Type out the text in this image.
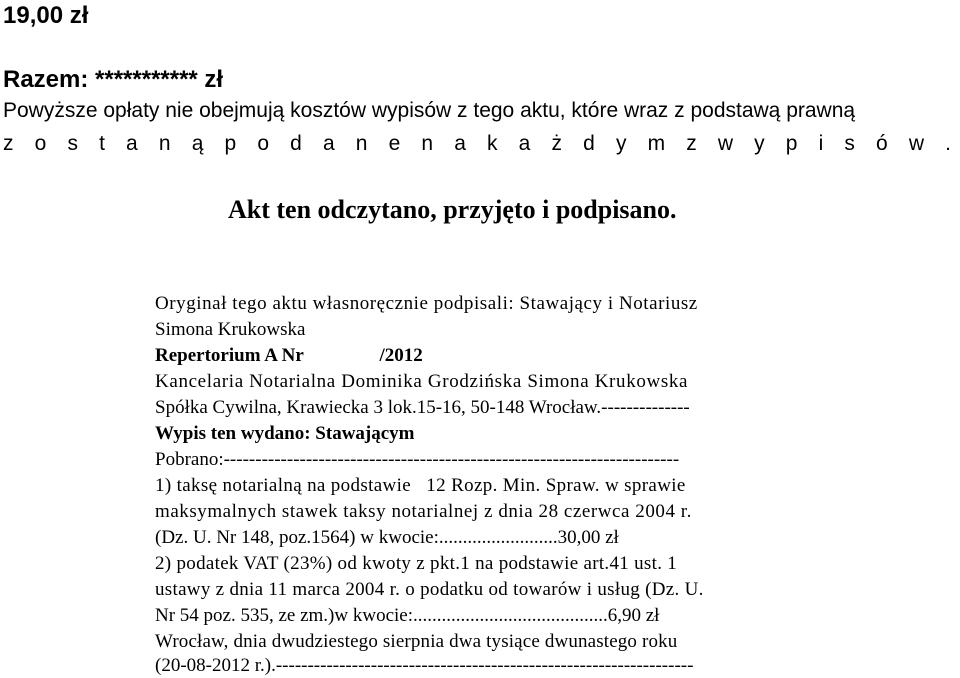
19,00 zł
Razem: *********** zł
Powyższe opłaty nie obejmują kosztów wypisów z tego aktu, które wraz z podstawą prawną
z o s t a n ą p o d a n e n a k a ż d y m z w y p i s ó w .
Akt ten odczytano, przyjęto i podpisano.
Oryginał tego aktu własnoręcznie podpisali: Stawający i Notariusz
Simona Krukowska
Repertorium A Nr                /2012
Kancelaria Notarialna Dominika Grodzińska Simona Krukowska
Spółka Cywilna, Krawiecka 3 lok.15-16, 50-148 Wrocław.--------------
Wypis ten wydano: Stawającym
Pobrano:------------------------------------------------------------------------
1) taksę notarialną na podstawie   12 Rozp. Min. Spraw. w sprawie
maksymalnych stawek taksy notarialnej z dnia 28 czerwca 2004 r.
(Dz. U. Nr 148, poz.1564) w kwocie:.........................30,00 zł
2) podatek VAT (23%) od kwoty z pkt.1 na podstawie art.41 ust. 1
ustawy z dnia 11 marca 2004 r. o podatku od towarów i usług (Dz. U.
Nr 54 poz. 535, ze zm.)w kwocie:.........................................6,90 zł
Wrocław, dnia dwudziestego sierpnia dwa tysiące dwunastego roku
(20-08-2012 r.).------------------------------------------------------------------
